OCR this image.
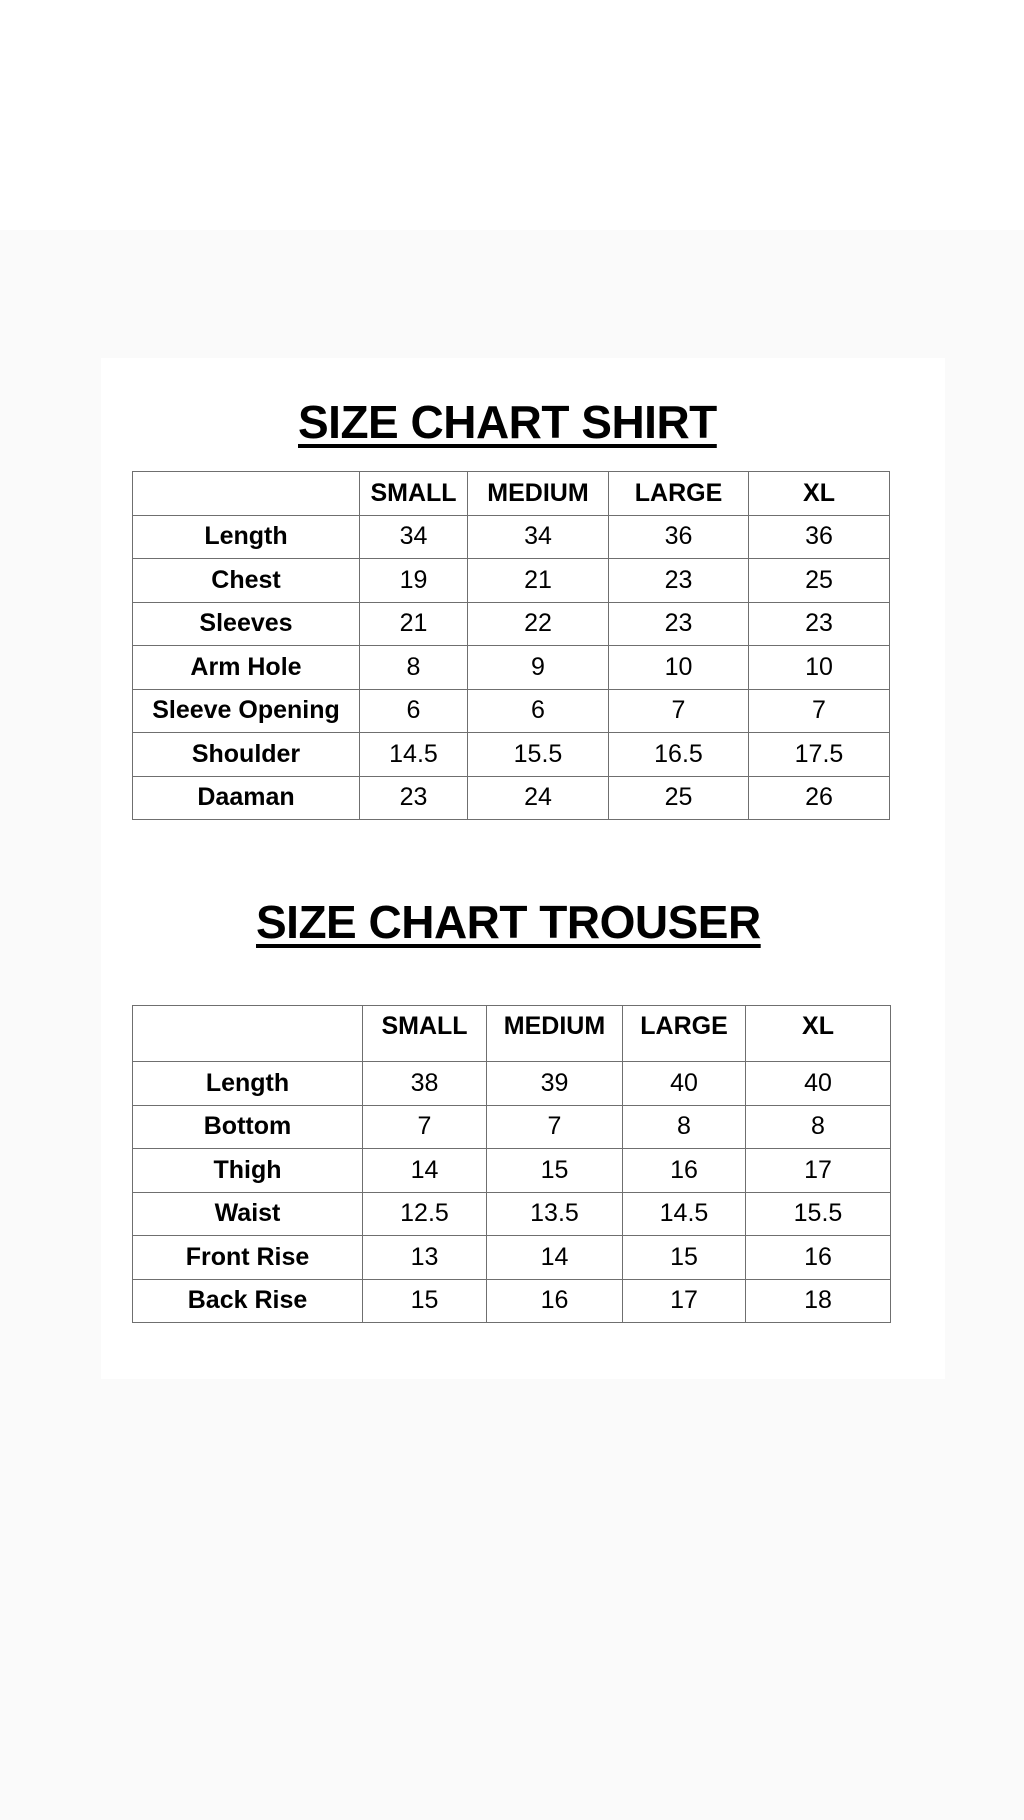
SIZE CHART SHIRT
	SMALL	MEDIUM	LARGE	XL
Length	34	34	36	36
Chest	19	21	23	25
Sleeves	21	22	23	23
Arm Hole	8	9	10	10
Sleeve Opening	6	6	7	7
Shoulder	14.5	15.5	16.5	17.5
Daaman	23	24	25	26
SIZE CHART TROUSER
	SMALL	MEDIUM	LARGE	XL
Length	38	39	40	40
Bottom	7	7	8	8
Thigh	14	15	16	17
Waist	12.5	13.5	14.5	15.5
Front Rise	13	14	15	16
Back Rise	15	16	17	18
